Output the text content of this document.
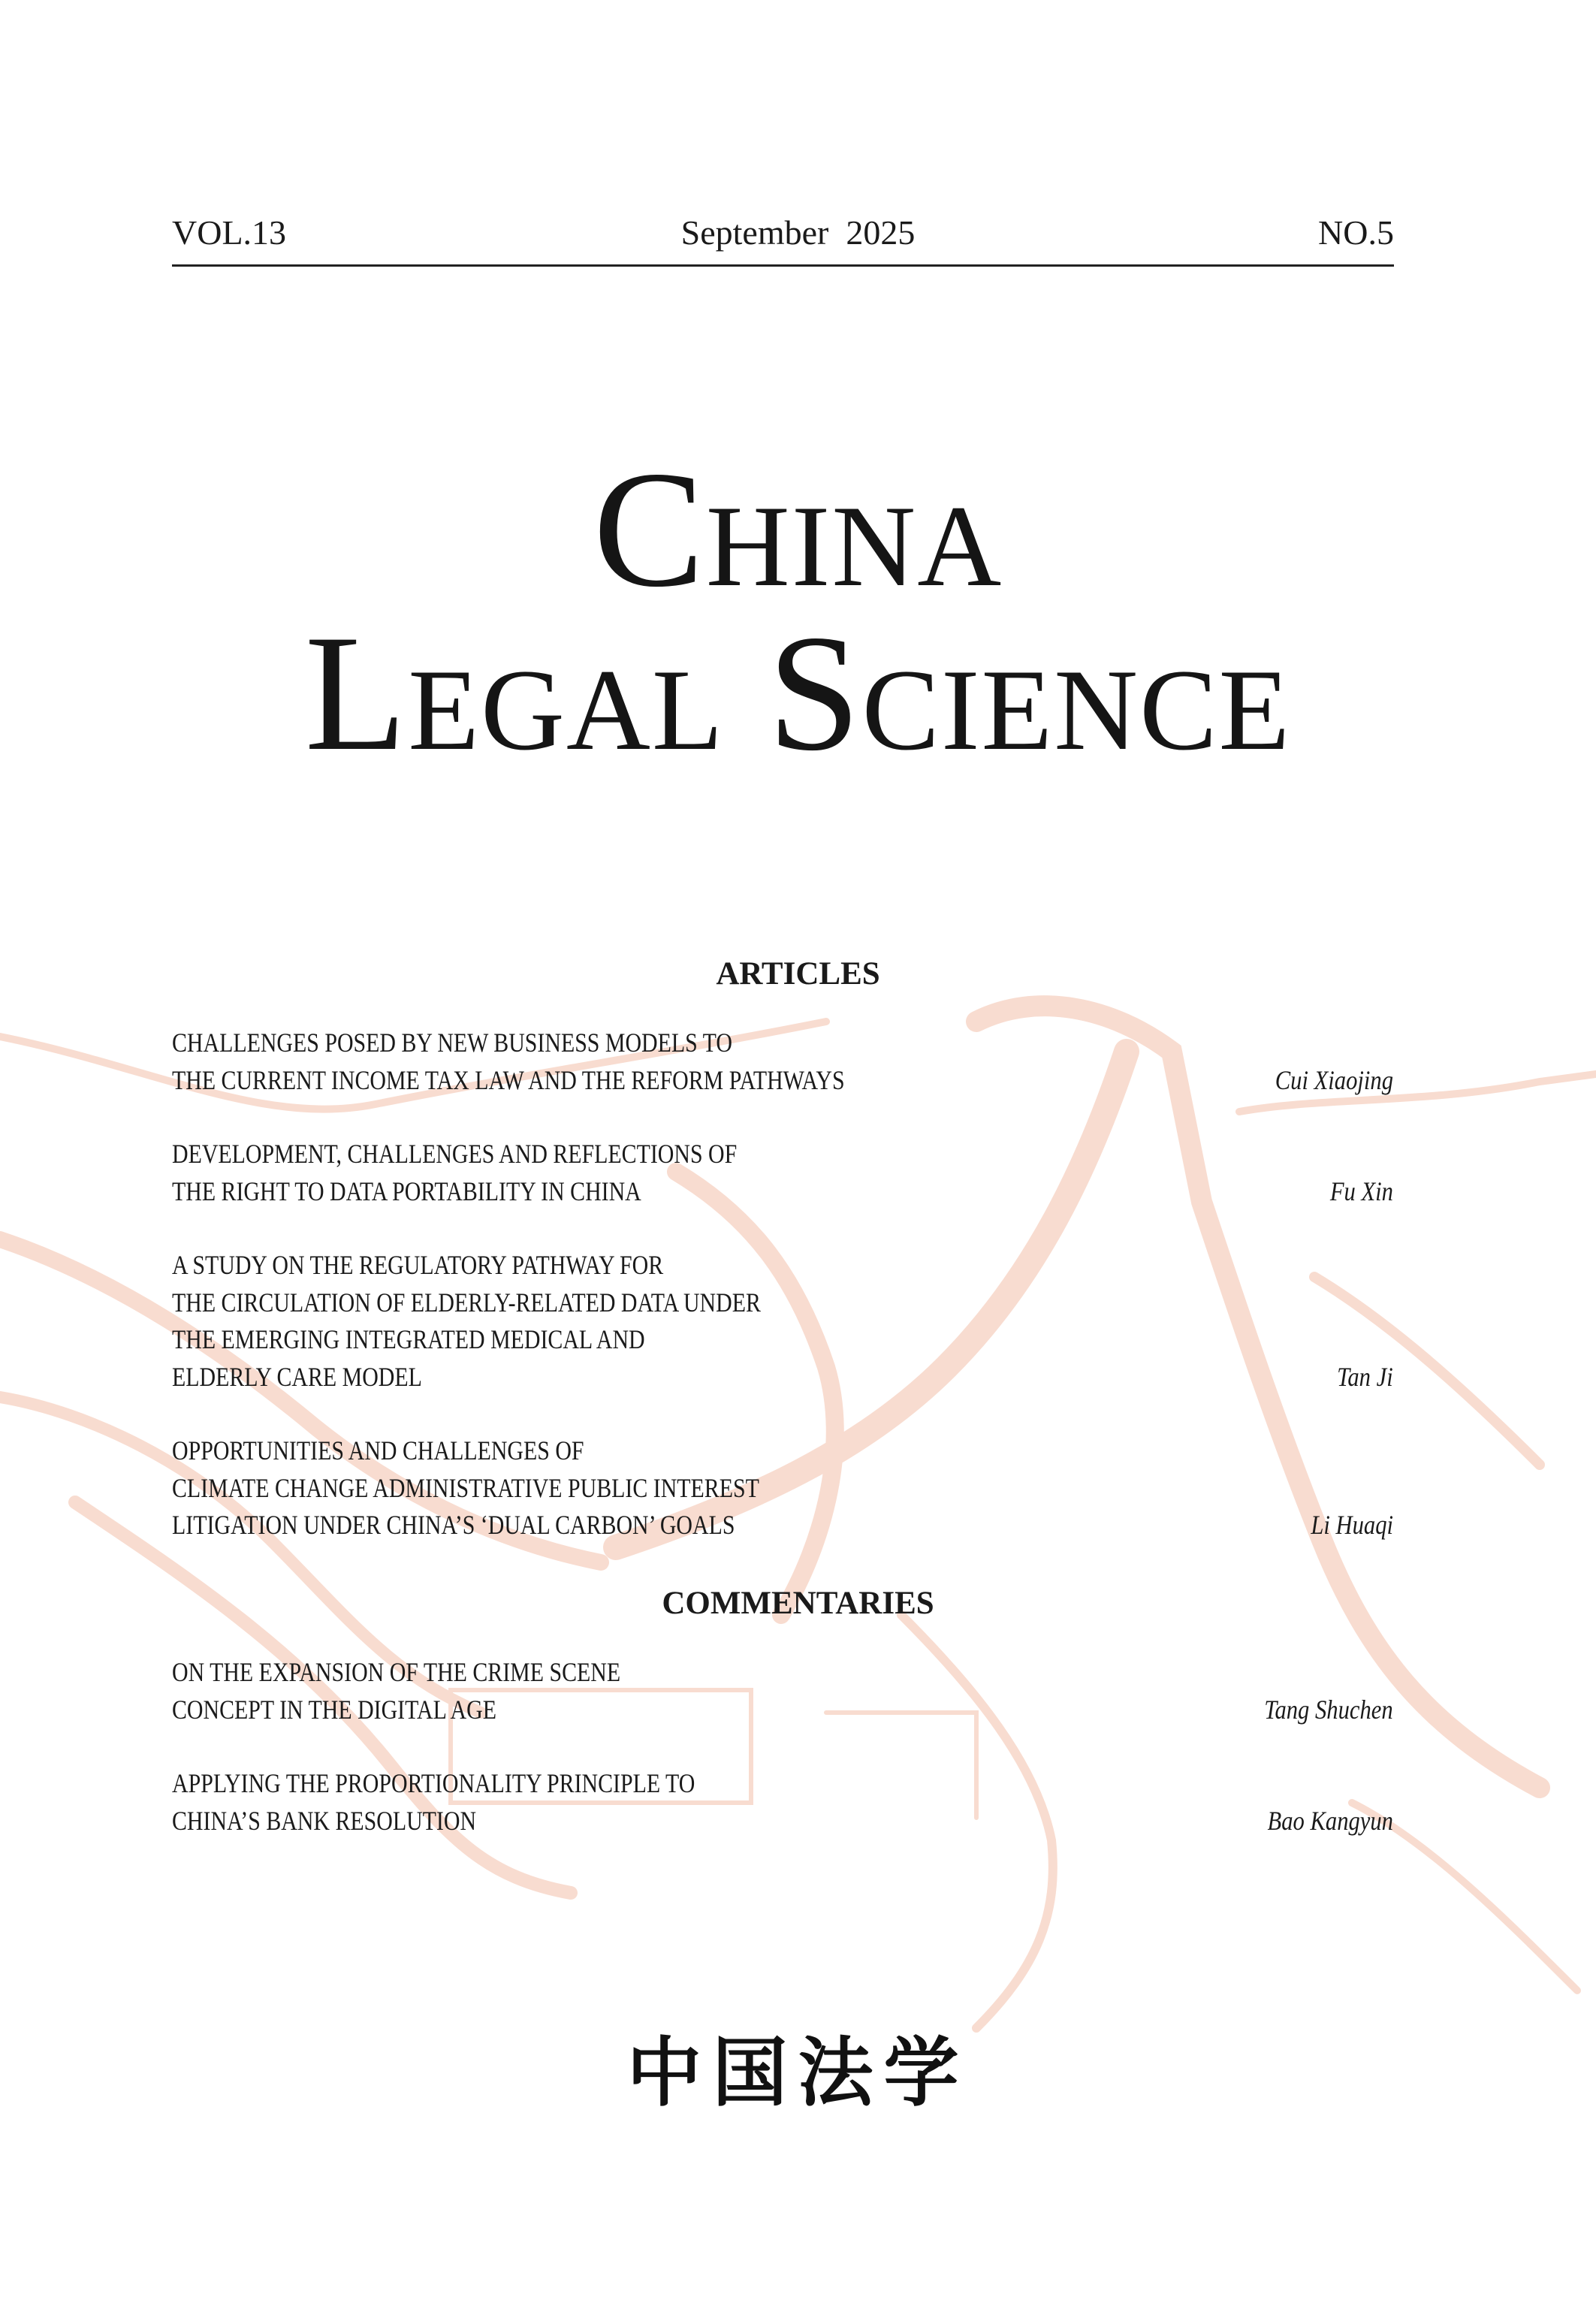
VOL.13	September  2025	NO.5
China
Legal Science
ARTICLES
CHALLENGES POSED BY NEW BUSINESS MODELS TO
THE CURRENT INCOME TAX LAW AND THE REFORM PATHWAYS	Cui Xiaojing
DEVELOPMENT, CHALLENGES AND REFLECTIONS OF
THE RIGHT TO DATA PORTABILITY IN CHINA	Fu Xin
A STUDY ON THE REGULATORY PATHWAY FOR
THE CIRCULATION OF ELDERLY-RELATED DATA UNDER
THE EMERGING INTEGRATED MEDICAL AND
ELDERLY CARE MODEL	Tan Ji
OPPORTUNITIES AND CHALLENGES OF
CLIMATE CHANGE ADMINISTRATIVE PUBLIC INTEREST
LITIGATION UNDER CHINA’S ‘DUAL CARBON’ GOALS	Li Huaqi
COMMENTARIES
ON THE EXPANSION OF THE CRIME SCENE
CONCEPT IN THE DIGITAL AGE	Tang Shuchen
APPLYING THE PROPORTIONALITY PRINCIPLE TO
CHINA’S BANK RESOLUTION	Bao Kangyun
中国法学
